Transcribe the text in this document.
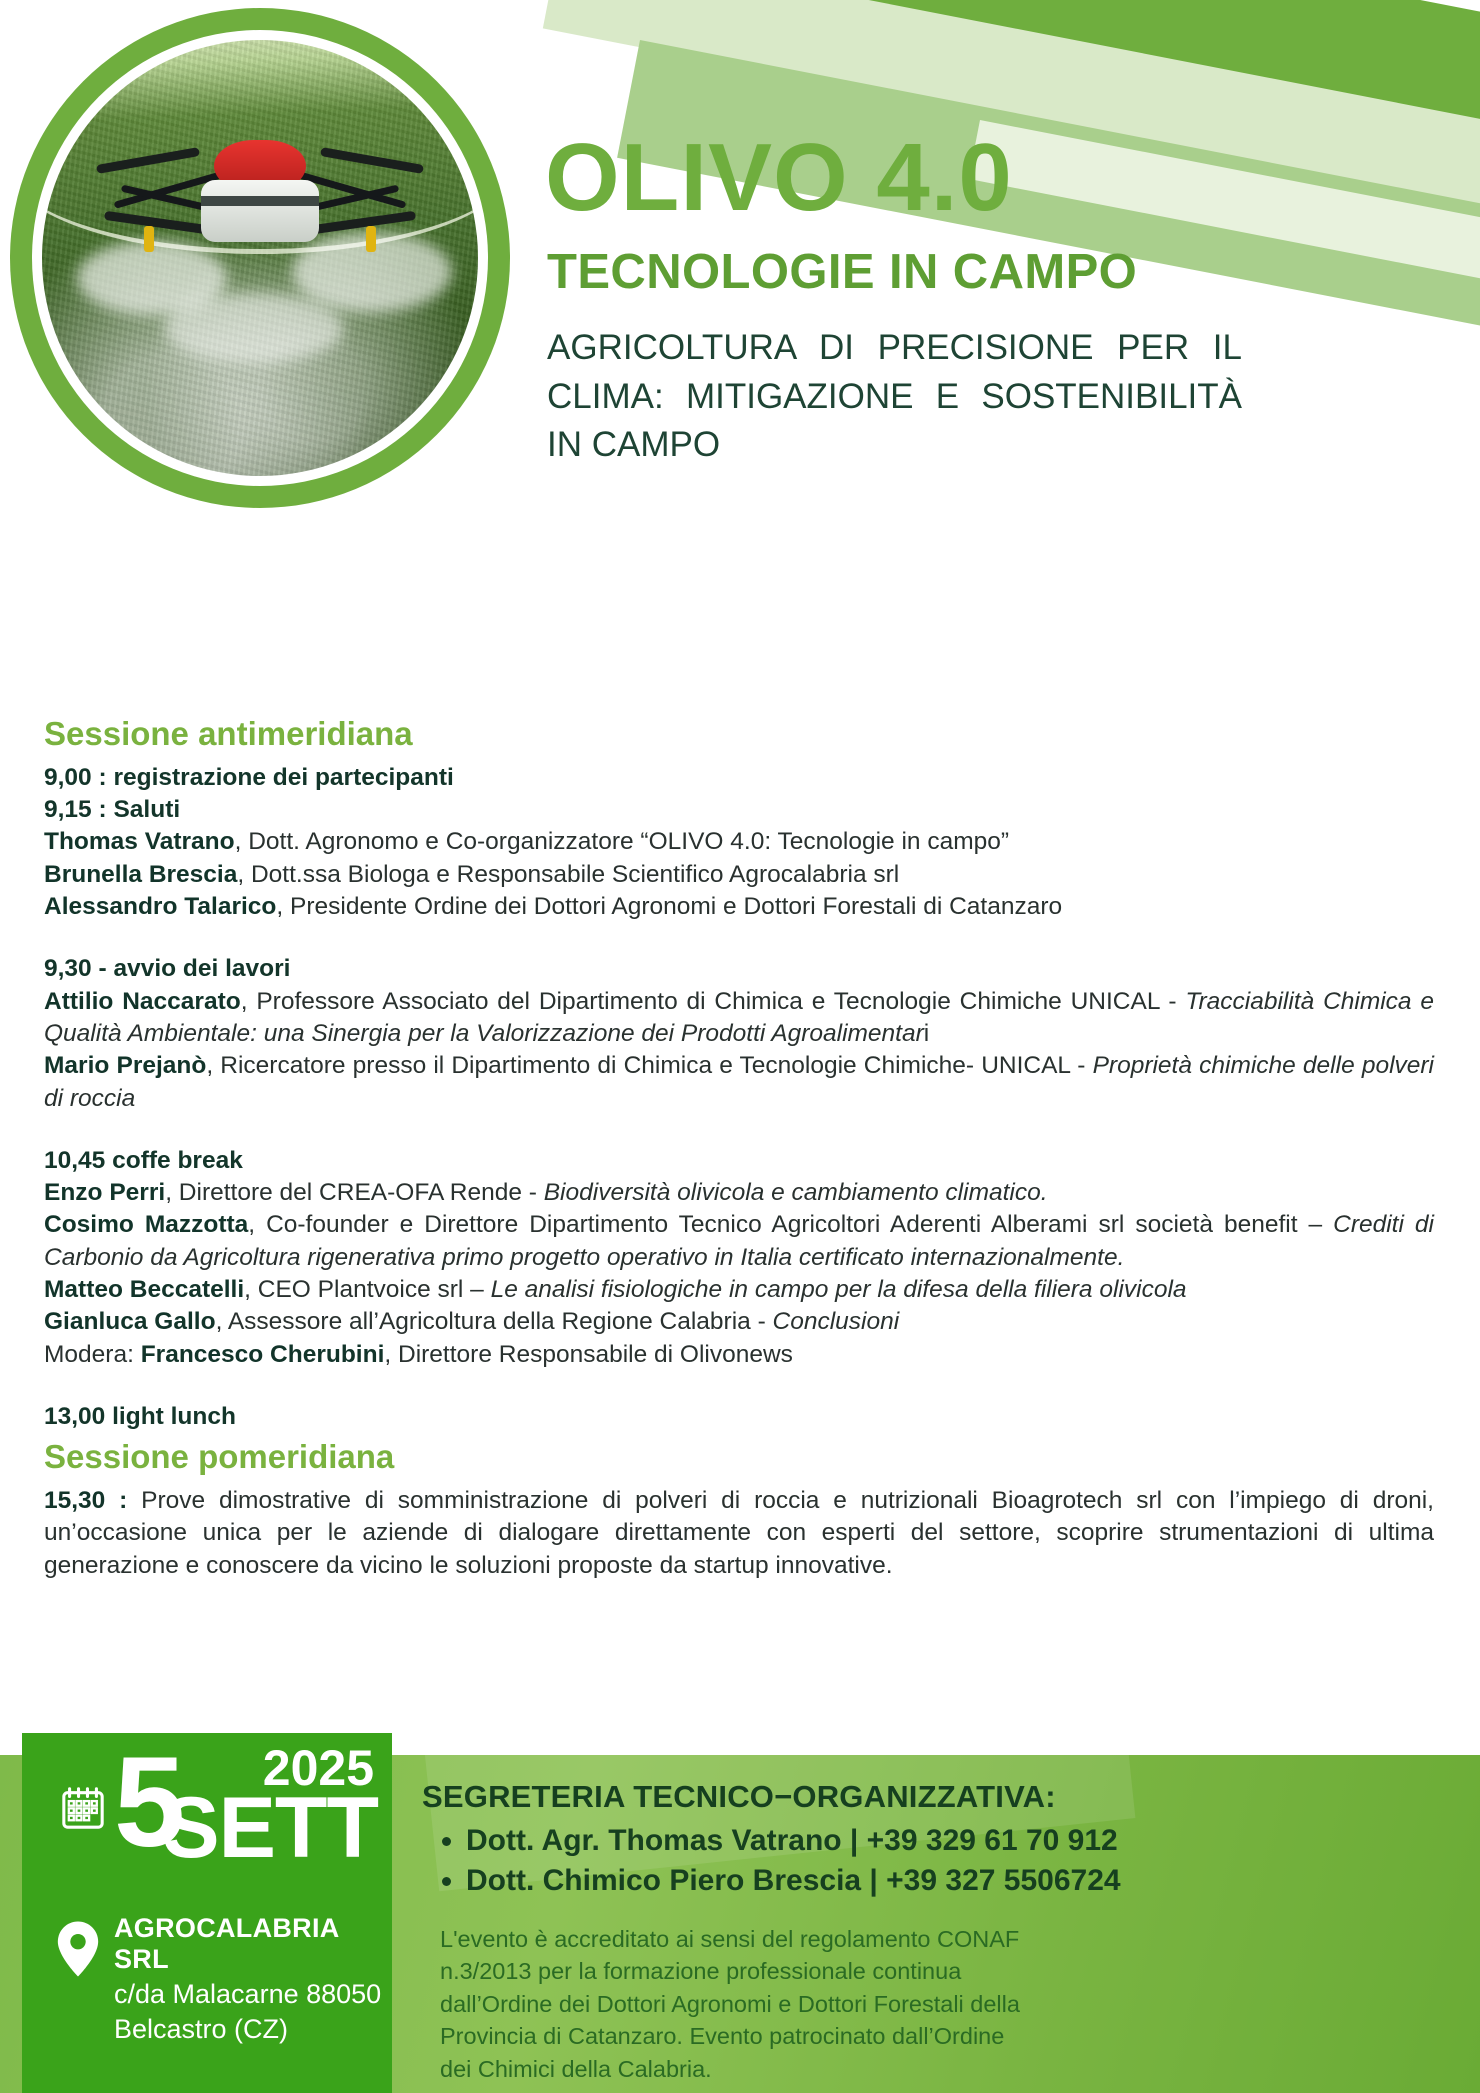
OLIVO 4.0
TECNOLOGIE IN CAMPO
AGRICOLTURA DI PRECISIONE PER IL CLIMA: MITIGAZIONE E SOSTENIBILITÀ IN CAMPO
Sessione antimeridiana

9,00 : registrazione dei partecipanti

9,15 : Saluti

Thomas Vatrano, Dott. Agronomo e Co-organizzatore “OLIVO 4.0: Tecnologie in campo”

Brunella Brescia, Dott.ssa Biologa e Responsabile Scientifico Agrocalabria srl

Alessandro Talarico, Presidente Ordine dei Dottori Agronomi e Dottori Forestali di Catanzaro

9,30 - avvio dei lavori

Attilio Naccarato, Professore Associato del Dipartimento di Chimica e Tecnologie Chimiche UNICAL - Tracciabilità Chimica e Qualità Ambientale: una Sinergia per la Valorizzazione dei Prodotti Agroalimentari

Mario Prejanò, Ricercatore presso il Dipartimento di Chimica e Tecnologie Chimiche- UNICAL - Proprietà chimiche delle polveri di roccia

10,45 coffe break

Enzo Perri, Direttore del CREA-OFA Rende - Biodiversità olivicola e cambiamento climatico.

Cosimo Mazzotta, Co-founder e Direttore Dipartimento Tecnico Agricoltori Aderenti Alberami srl società benefit – Crediti di Carbonio da Agricoltura rigenerativa primo progetto operativo in Italia certificato internazionalmente.

Matteo Beccatelli, CEO Plantvoice srl – Le analisi fisiologiche in campo per la difesa della filiera olivicola

Gianluca Gallo, Assessore all’Agricoltura della Regione Calabria - Conclusioni

Modera: Francesco Cherubini, Direttore Responsabile di Olivonews

13,00 light lunch

Sessione pomeridiana

15,30 : Prove dimostrative di somministrazione di polveri di roccia e nutrizionali Bioagrotech srl con l’impiego di droni, un’occasione unica per le aziende di dialogare direttamente con esperti del settore, scoprire strumentazioni di ultima generazione e conoscere da vicino le soluzioni proposte da startup innovative.

5 2025
SETT
AGROCALABRIA SRL
c/da Malacarne 88050
Belcastro (CZ)
SEGRETERIA TECNICO−ORGANIZZATIVA:
• Dott. Agr. Thomas Vatrano | +39 329 61 70 912
• Dott. Chimico Piero Brescia | +39 327 5506724
L'evento è accreditato ai sensi del regolamento CONAF n.3/2013 per la formazione professionale continua dall’Ordine dei Dottori Agronomi e Dottori Forestali della Provincia di Catanzaro. Evento patrocinato dall’Ordine dei Chimici della Calabria.
